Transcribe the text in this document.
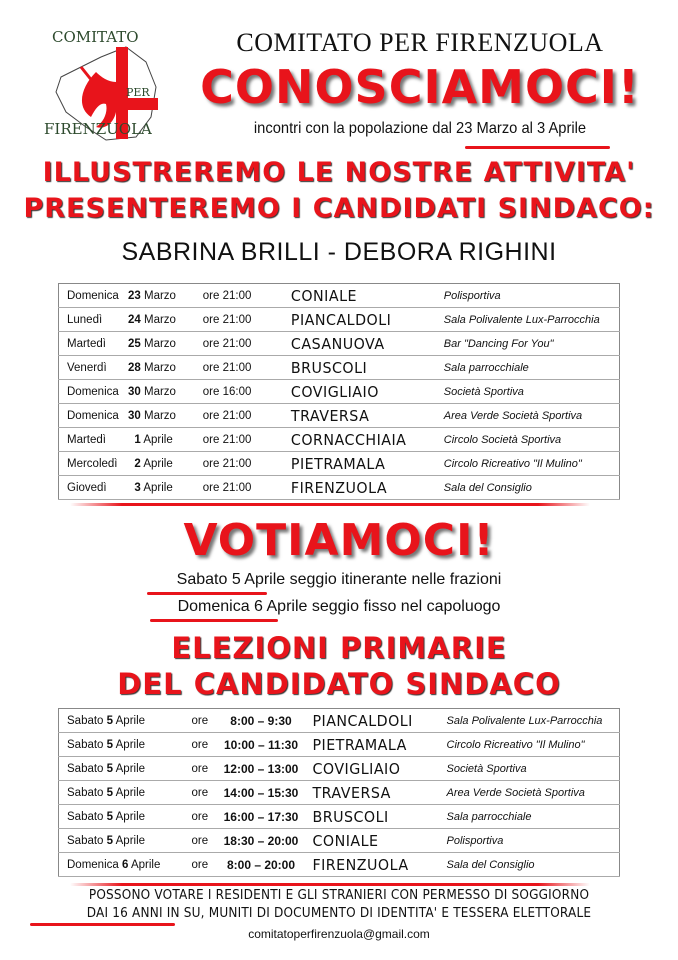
COMITATO
PER
FIRENZUOLA
COMITATO PER FIRENZUOLA
CONOSCIAMOCI!
incontri con la popolazione dal 23 Marzo al 3 Aprile
ILLUSTREREMO LE NOSTRE ATTIVITA'
PRESENTEREMO I CANDIDATI SINDACO:
SABRINA BRILLI - DEBORA RIGHINI
Domenica	23 Marzo	ore 21:00	CONIALE	Polisportiva
Lunedì	24 Marzo	ore 21:00	PIANCALDOLI	Sala Polivalente Lux-Parrocchia
Martedì	25 Marzo	ore 21:00	CASANUOVA	Bar "Dancing For You"
Venerdì	28 Marzo	ore 21:00	BRUSCOLI	Sala parrocchiale
Domenica	30 Marzo	ore 16:00	COVIGLIAIO	Società Sportiva
Domenica	30 Marzo	ore 21:00	TRAVERSA	Area Verde Società Sportiva
Martedì	1 Aprile	ore 21:00	CORNACCHIAIA	Circolo Società Sportiva
Mercoledì	2 Aprile	ore 21:00	PIETRAMALA	Circolo Ricreativo "Il Mulino"
Giovedì	3 Aprile	ore 21:00	FIRENZUOLA	Sala del Consiglio
VOTIAMOCI!
Sabato 5 Aprile seggio itinerante nelle frazioni
Domenica 6 Aprile seggio fisso nel capoluogo
ELEZIONI PRIMARIE
DEL CANDIDATO SINDACO
Sabato 5 Aprile	ore	8:00 – 9:30	PIANCALDOLI	Sala Polivalente Lux-Parrocchia
Sabato 5 Aprile	ore	10:00 – 11:30	PIETRAMALA	Circolo Ricreativo "Il Mulino"
Sabato 5 Aprile	ore	12:00 – 13:00	COVIGLIAIO	Società Sportiva
Sabato 5 Aprile	ore	14:00 – 15:30	TRAVERSA	Area Verde Società Sportiva
Sabato 5 Aprile	ore	16:00 – 17:30	BRUSCOLI	Sala parrocchiale
Sabato 5 Aprile	ore	18:30 – 20:00	CONIALE	Polisportiva
Domenica 6 Aprile	ore	8:00 – 20:00	FIRENZUOLA	Sala del Consiglio
POSSONO VOTARE I RESIDENTI E GLI STRANIERI CON PERMESSO DI SOGGIORNO
DAI 16 ANNI IN SU, MUNITI DI DOCUMENTO DI IDENTITA' E TESSERA ELETTORALE
comitatoperfirenzuola@gmail.com
